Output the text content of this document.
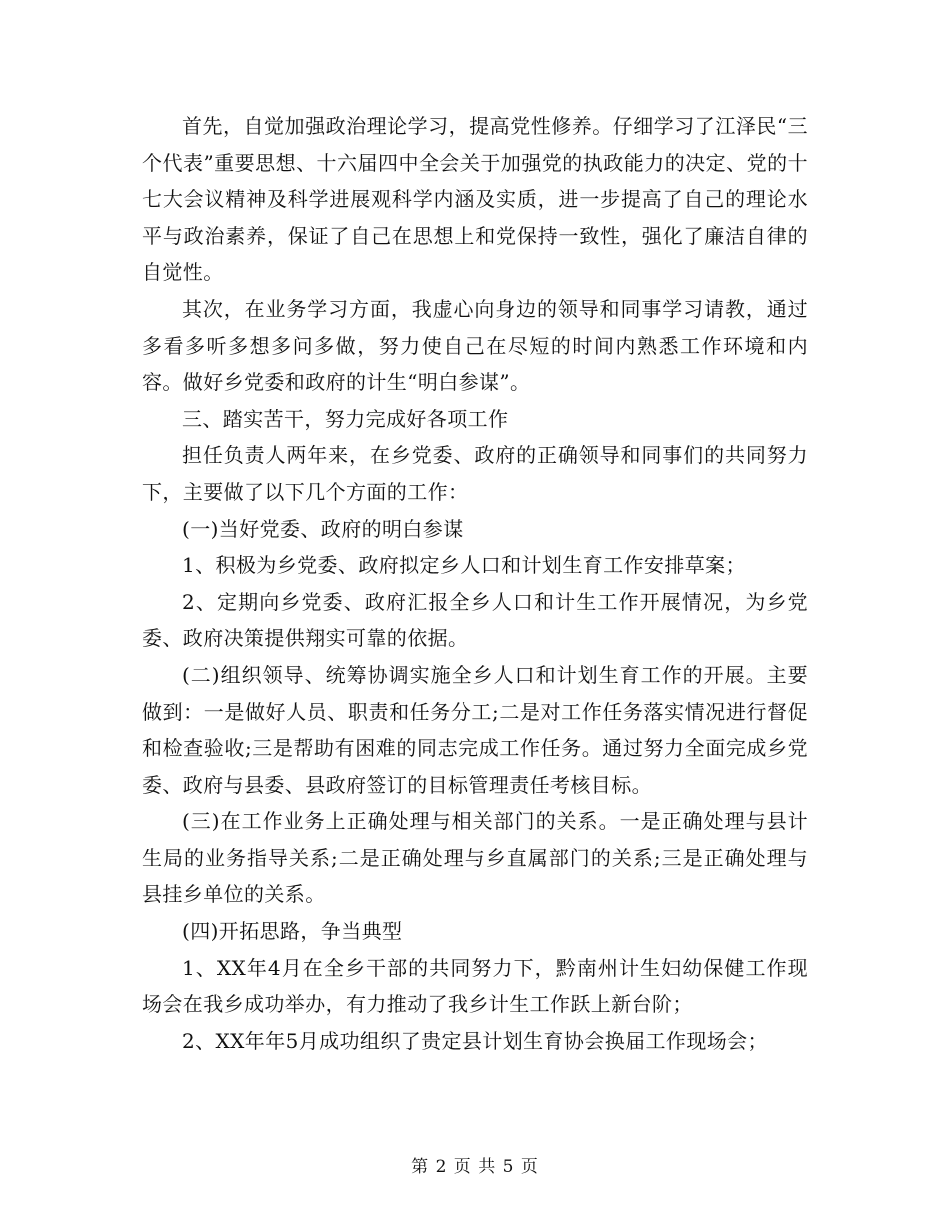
首先，自觉加强政治理论学习，提高党性修养。仔细学习了江泽民“三个代表”重要思想、十六届四中全会关于加强党的执政能力的决定、党的十七大会议精神及科学进展观科学内涵及实质，进一步提高了自己的理论水平与政治素养，保证了自己在思想上和党保持一致性，强化了廉洁自律的自觉性。

其次，在业务学习方面，我虚心向身边的领导和同事学习请教，通过多看多听多想多问多做，努力使自己在尽短的时间内熟悉工作环境和内容。做好乡党委和政府的计生“明白参谋”。

三、踏实苦干，努力完成好各项工作

担任负责人两年来，在乡党委、政府的正确领导和同事们的共同努力下，主要做了以下几个方面的工作：

(一)当好党委、政府的明白参谋

1、积极为乡党委、政府拟定乡人口和计划生育工作安排草案；

2、定期向乡党委、政府汇报全乡人口和计生工作开展情况，为乡党委、政府决策提供翔实可靠的依据。

(二)组织领导、统筹协调实施全乡人口和计划生育工作的开展。主要做到：一是做好人员、职责和任务分工;二是对工作任务落实情况进行督促和检查验收;三是帮助有困难的同志完成工作任务。通过努力全面完成乡党委、政府与县委、县政府签订的目标管理责任考核目标。

(三)在工作业务上正确处理与相关部门的关系。一是正确处理与县计生局的业务指导关系;二是正确处理与乡直属部门的关系;三是正确处理与县挂乡单位的关系。

(四)开拓思路，争当典型

1、XX年4月在全乡干部的共同努力下，黔南州计生妇幼保健工作现场会在我乡成功举办，有力推动了我乡计生工作跃上新台阶；

2、XX年年5月成功组织了贵定县计划生育协会换届工作现场会；

第 2 页 共 5 页
